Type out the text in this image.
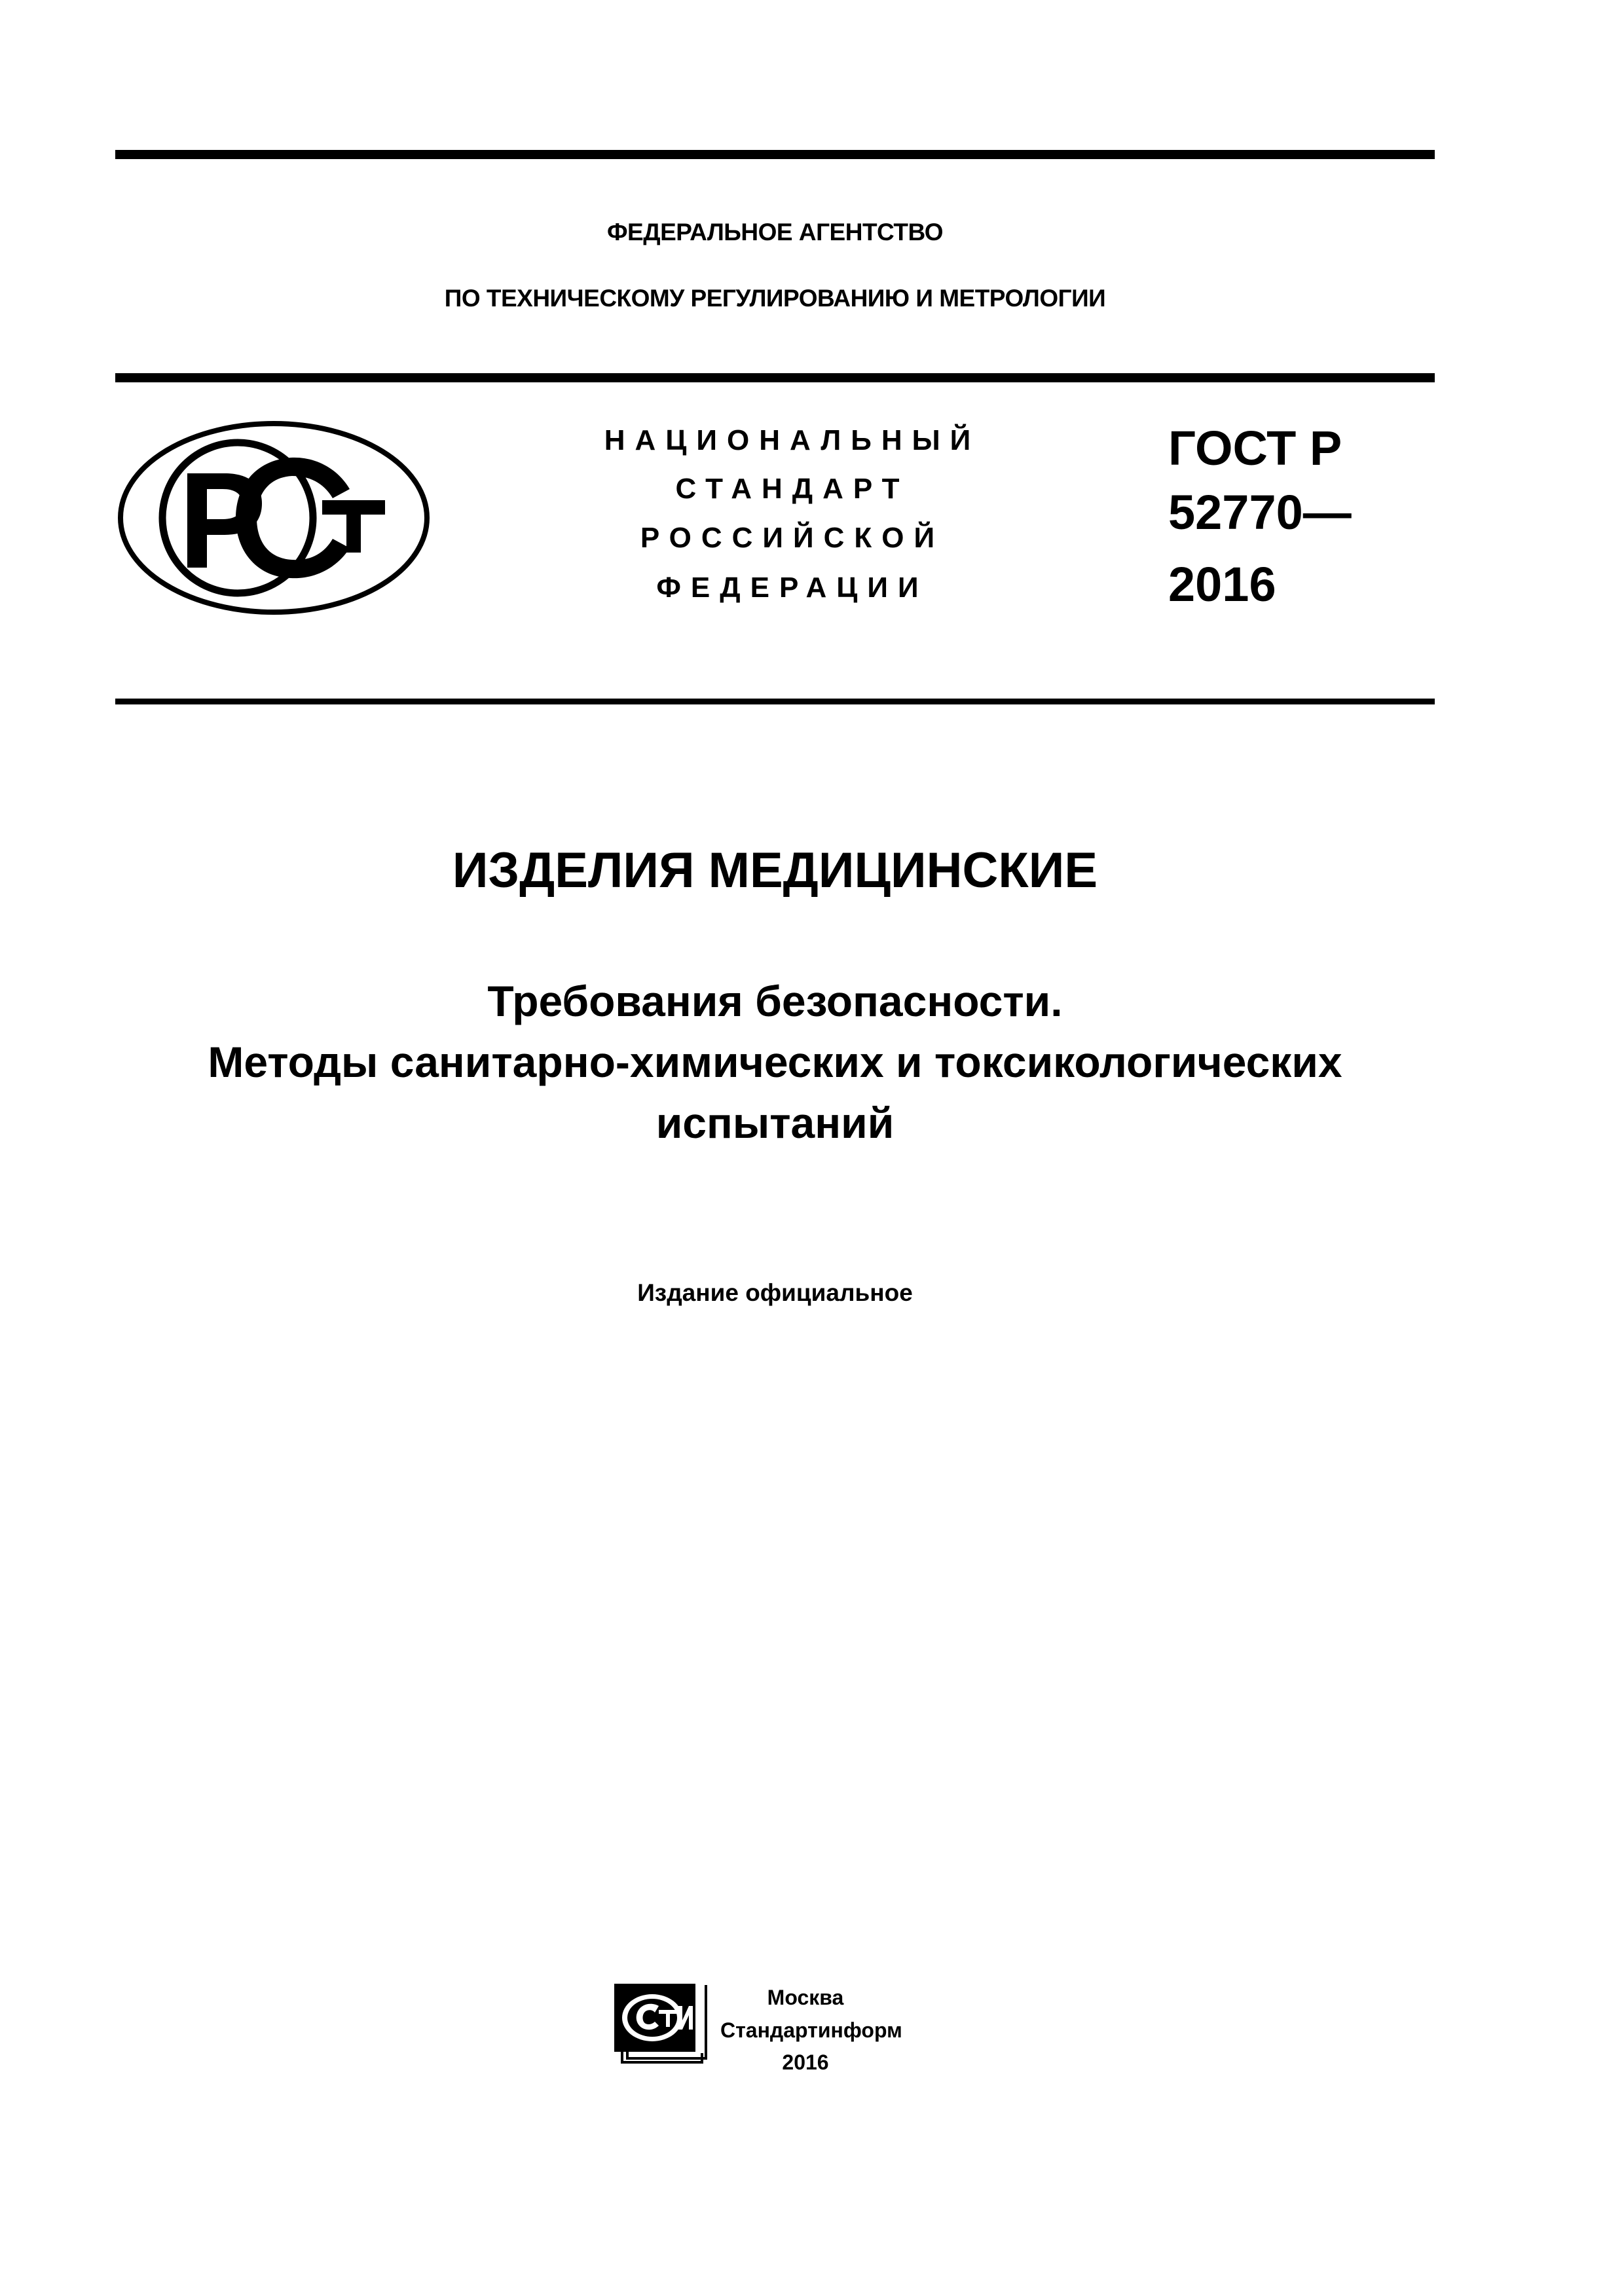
ФЕДЕРАЛЬНОЕ АГЕНТСТВО
ПО ТЕХНИЧЕСКОМУ РЕГУЛИРОВАНИЮ И МЕТРОЛОГИИ
НАЦИОНАЛЬНЫЙ
СТАНДАРТ
РОССИЙСКОЙ
ФЕДЕРАЦИИ
ГОСТ Р
52770—
2016
ИЗДЕЛИЯ МЕДИЦИНСКИЕ
Требования безопасности.
Методы санитарно-химических и токсикологических
испытаний
Издание официальное
Москва
Стандартинформ
2016
